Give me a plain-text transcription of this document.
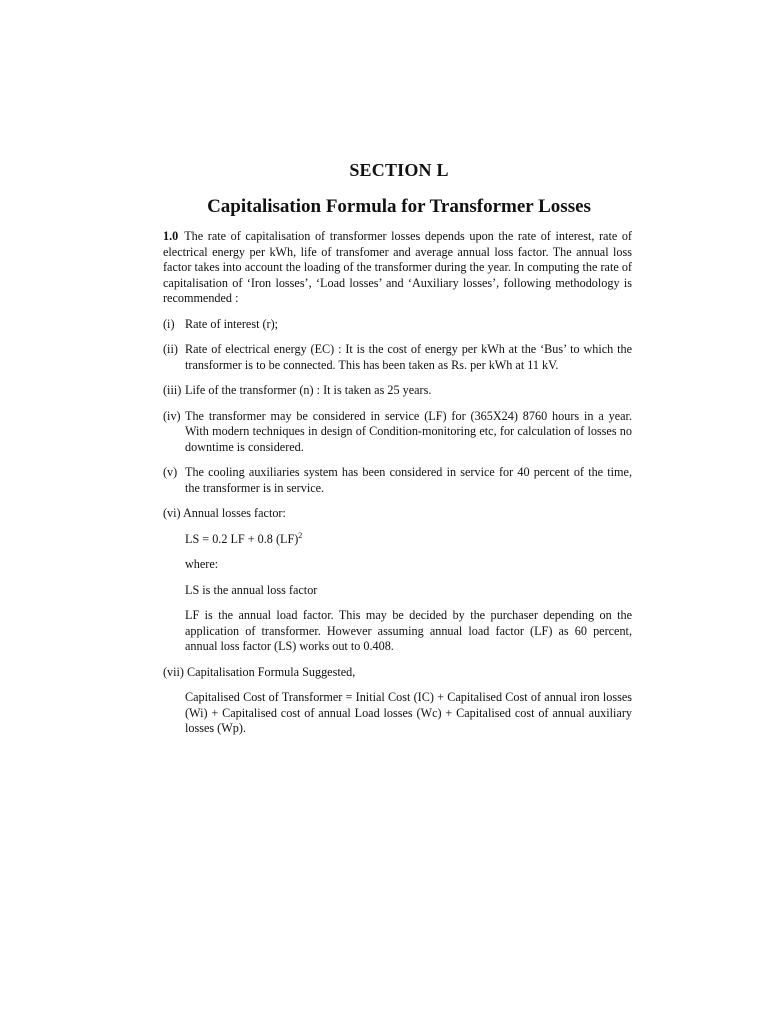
SECTION L
Capitalisation Formula for Transformer Losses

1.0 The rate of capitalisation of transformer losses depends upon the rate of interest, rate of electrical energy per kWh, life of transfomer and average annual loss factor. The annual loss factor takes into account the loading of the transformer during the year. In computing the rate of capitalisation of ‘Iron losses’, ‘Load losses’ and ‘Auxiliary losses’, following methodology is recommended :

(i) Rate of interest (r);
(ii) Rate of electrical energy (EC) : It is the cost of energy per kWh at the ‘Bus’ to which the transformer is to be connected. This has been taken as Rs. per kWh at 11 kV.
(iii) Life of the transformer (n) : It is taken as 25 years.
(iv) The transformer may be considered in service (LF) for (365X24) 8760 hours in a year. With modern techniques in design of Condition-monitoring etc, for calculation of losses no downtime is considered.
(v) The cooling auxiliaries system has been considered in service for 40 percent of the time, the transformer is in service.
(vi) Annual losses factor:

LS = 0.2 LF + 0.8 (LF)$^2$

where:

LS is the annual loss factor

LF is the annual load factor. This may be decided by the purchaser depending on the application of transformer. However assuming annual load factor (LF) as 60 percent, annual loss factor (LS) works out to 0.408.

(vii) Capitalisation Formula Suggested,

Capitalised Cost of Transformer = Initial Cost (IC) + Capitalised Cost of annual iron losses (Wi) + Capitalised cost of annual Load losses (Wc) + Capitalised cost of annual auxiliary losses (Wp).
